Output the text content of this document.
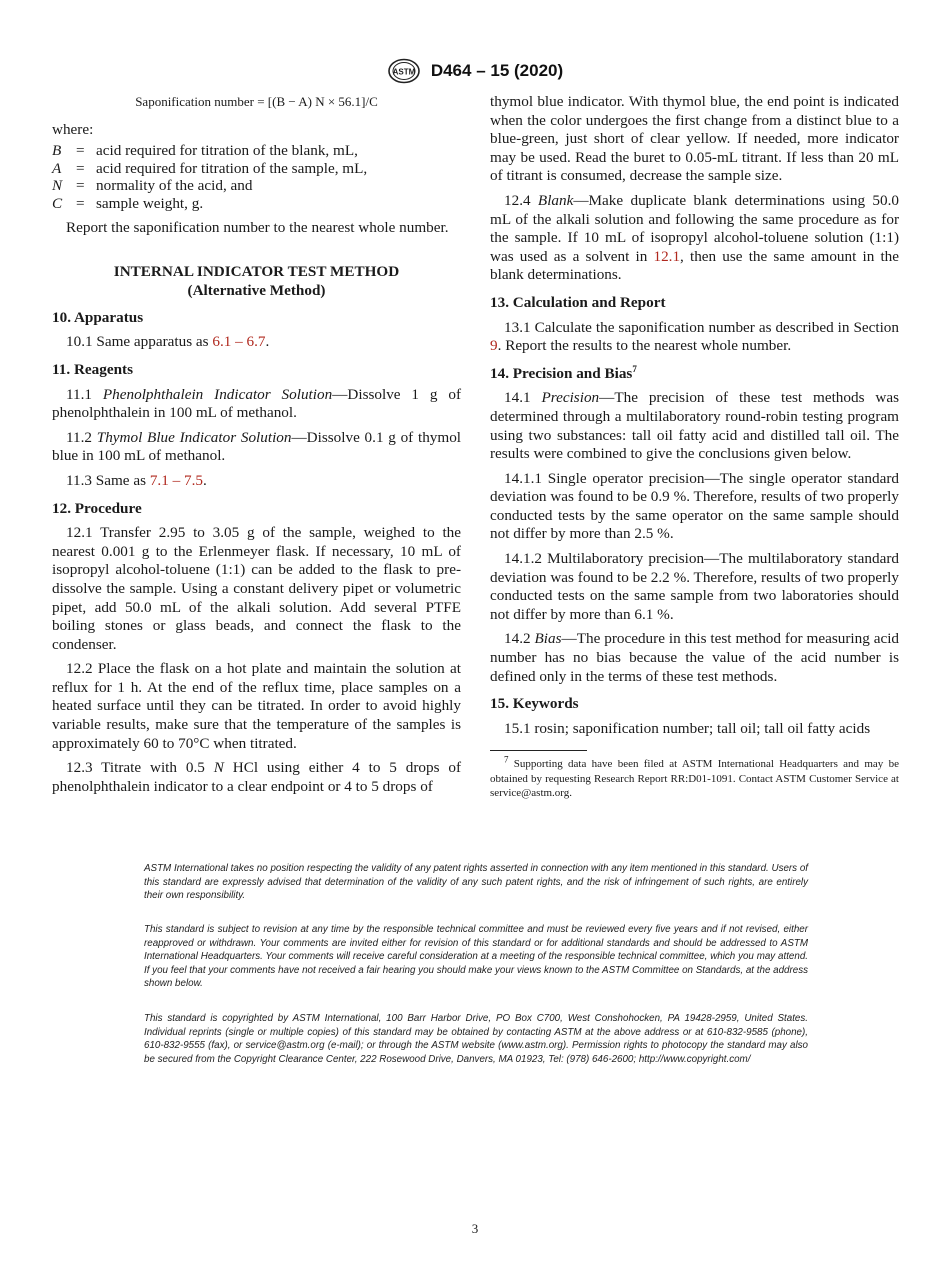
ASTM D464 – 15 (2020)

Saponification number = [(B − A) N × 56.1]/C

where:

B = acid required for titration of the blank, mL,
A = acid required for titration of the sample, mL,
N = normality of the acid, and
C = sample weight, g.

Report the saponification number to the nearest whole number.

INTERNAL INDICATOR TEST METHOD
(Alternative Method)
10. Apparatus

10.1 Same apparatus as 6.1 – 6.7.

11. Reagents

11.1 Phenolphthalein Indicator Solution—Dissolve 1 g of phenolphthalein in 100 mL of methanol.

11.2 Thymol Blue Indicator Solution—Dissolve 0.1 g of thymol blue in 100 mL of methanol.

11.3 Same as 7.1 – 7.5.

12. Procedure

12.1 Transfer 2.95 to 3.05 g of the sample, weighed to the nearest 0.001 g to the Erlenmeyer flask. If necessary, 10 mL of isopropyl alcohol-toluene (1:1) can be added to the flask to pre-dissolve the sample. Using a constant delivery pipet or volumetric pipet, add 50.0 mL of the alkali solution. Add several PTFE boiling stones or glass beads, and connect the flask to the condenser.

12.2 Place the flask on a hot plate and maintain the solution at reflux for 1 h. At the end of the reflux time, place samples on a heated surface until they can be titrated. In order to avoid highly variable results, make sure that the temperature of the samples is approximately 60 to 70°C when titrated.

12.3 Titrate with 0.5 N HCl using either 4 to 5 drops of phenolphthalein indicator to a clear endpoint or 4 to 5 drops of

thymol blue indicator. With thymol blue, the end point is indicated when the color undergoes the first change from a distinct blue to a blue-green, just short of clear yellow. If needed, more indicator may be used. Read the buret to 0.05-mL titrant. If less than 20 mL of titrant is consumed, decrease the sample size.

12.4 Blank—Make duplicate blank determinations using 50.0 mL of the alkali solution and following the same procedure as for the sample. If 10 mL of isopropyl alcohol-toluene solution (1:1) was used as a solvent in 12.1, then use the same amount in the blank determinations.

13. Calculation and Report

13.1 Calculate the saponification number as described in Section 9. Report the results to the nearest whole number.

14. Precision and Bias$^7$

14.1 Precision—The precision of these test methods was determined through a multilaboratory round-robin testing program using two substances: tall oil fatty acid and distilled tall oil. The results were combined to give the conclusions given below.

14.1.1 Single operator precision—The single operator standard deviation was found to be 0.9 %. Therefore, results of two properly conducted tests by the same operator on the same sample should not differ by more than 2.5 %.

14.1.2 Multilaboratory precision—The multilaboratory standard deviation was found to be 2.2 %. Therefore, results of two properly conducted tests on the same sample from two laboratories should not differ by more than 6.1 %.

14.2 Bias—The procedure in this test method for measuring acid number has no bias because the value of the acid number is defined only in the terms of these test methods.

15. Keywords

15.1 rosin; saponification number; tall oil; tall oil fatty acids

$^7$ Supporting data have been filed at ASTM International Headquarters and may be obtained by requesting Research Report RR:D01-1091. Contact ASTM Customer Service at service@astm.org.

ASTM International takes no position respecting the validity of any patent rights asserted in connection with any item mentioned in this standard. Users of this standard are expressly advised that determination of the validity of any such patent rights, and the risk of infringement of such rights, are entirely their own responsibility.
This standard is subject to revision at any time by the responsible technical committee and must be reviewed every five years and if not revised, either reapproved or withdrawn. Your comments are invited either for revision of this standard or for additional standards and should be addressed to ASTM International Headquarters. Your comments will receive careful consideration at a meeting of the responsible technical committee, which you may attend. If you feel that your comments have not received a fair hearing you should make your views known to the ASTM Committee on Standards, at the address shown below.
This standard is copyrighted by ASTM International, 100 Barr Harbor Drive, PO Box C700, West Conshohocken, PA 19428-2959, United States. Individual reprints (single or multiple copies) of this standard may be obtained by contacting ASTM at the above address or at 610-832-9585 (phone), 610-832-9555 (fax), or service@astm.org (e-mail); or through the ASTM website (www.astm.org). Permission rights to photocopy the standard may also be secured from the Copyright Clearance Center, 222 Rosewood Drive, Danvers, MA 01923, Tel: (978) 646-2600; http://www.copyright.com/
3
